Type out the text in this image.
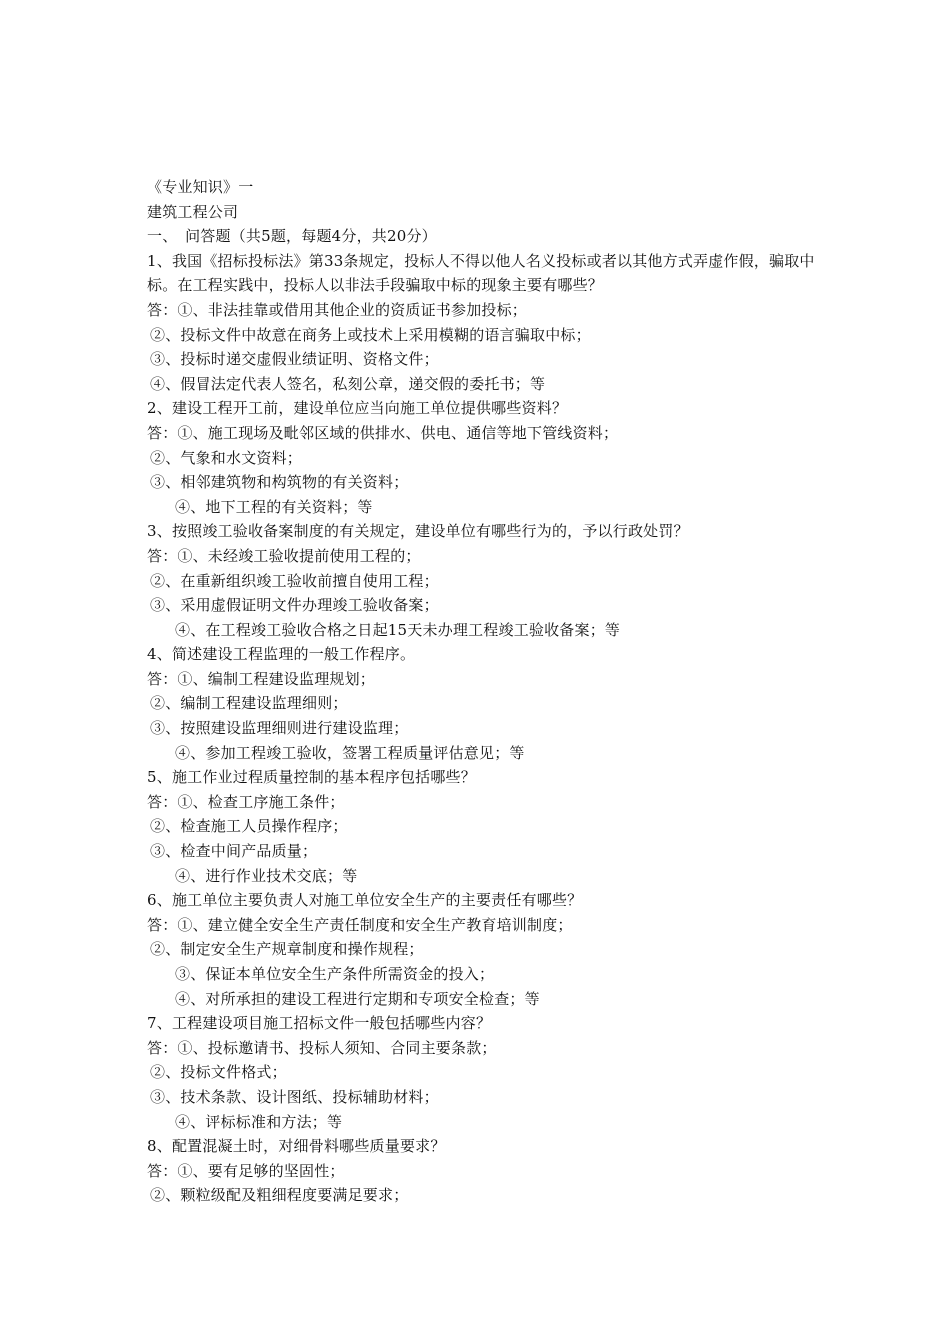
《专业知识》一
建筑工程公司
一、　问答题（共5题，每题4分，共20分）
1、我国《招标投标法》第33条规定，投标人不得以他人名义投标或者以其他方式弄虚作假，骗取中标。在工程实践中，投标人以非法手段骗取中标的现象主要有哪些？
答：①、非法挂靠或借用其他企业的资质证书参加投标；
②、投标文件中故意在商务上或技术上采用模糊的语言骗取中标；
③、投标时递交虚假业绩证明、资格文件；
④、假冒法定代表人签名，私刻公章，递交假的委托书；等
2、建设工程开工前，建设单位应当向施工单位提供哪些资料？
答：①、施工现场及毗邻区域的供排水、供电、通信等地下管线资料；
②、气象和水文资料；
③、相邻建筑物和构筑物的有关资料；
④、地下工程的有关资料；等
3、按照竣工验收备案制度的有关规定，建设单位有哪些行为的，予以行政处罚？
答：①、未经竣工验收提前使用工程的；
②、在重新组织竣工验收前擅自使用工程；
③、采用虚假证明文件办理竣工验收备案；
④、在工程竣工验收合格之日起15天未办理工程竣工验收备案；等
4、简述建设工程监理的一般工作程序。
答：①、编制工程建设监理规划；
②、编制工程建设监理细则；
③、按照建设监理细则进行建设监理；
④、参加工程竣工验收，签署工程质量评估意见；等
5、施工作业过程质量控制的基本程序包括哪些？
答：①、检查工序施工条件；
②、检查施工人员操作程序；
③、检查中间产品质量；
④、进行作业技术交底；等
6、施工单位主要负责人对施工单位安全生产的主要责任有哪些？
答：①、建立健全安全生产责任制度和安全生产教育培训制度；
②、制定安全生产规章制度和操作规程；
③、保证本单位安全生产条件所需资金的投入；
④、对所承担的建设工程进行定期和专项安全检查；等
7、工程建设项目施工招标文件一般包括哪些内容？
答：①、投标邀请书、投标人须知、合同主要条款；
②、投标文件格式；
③、技术条款、设计图纸、投标辅助材料；
④、评标标准和方法；等
8、配置混凝土时，对细骨料哪些质量要求？
答：①、要有足够的坚固性；
②、颗粒级配及粗细程度要满足要求；
